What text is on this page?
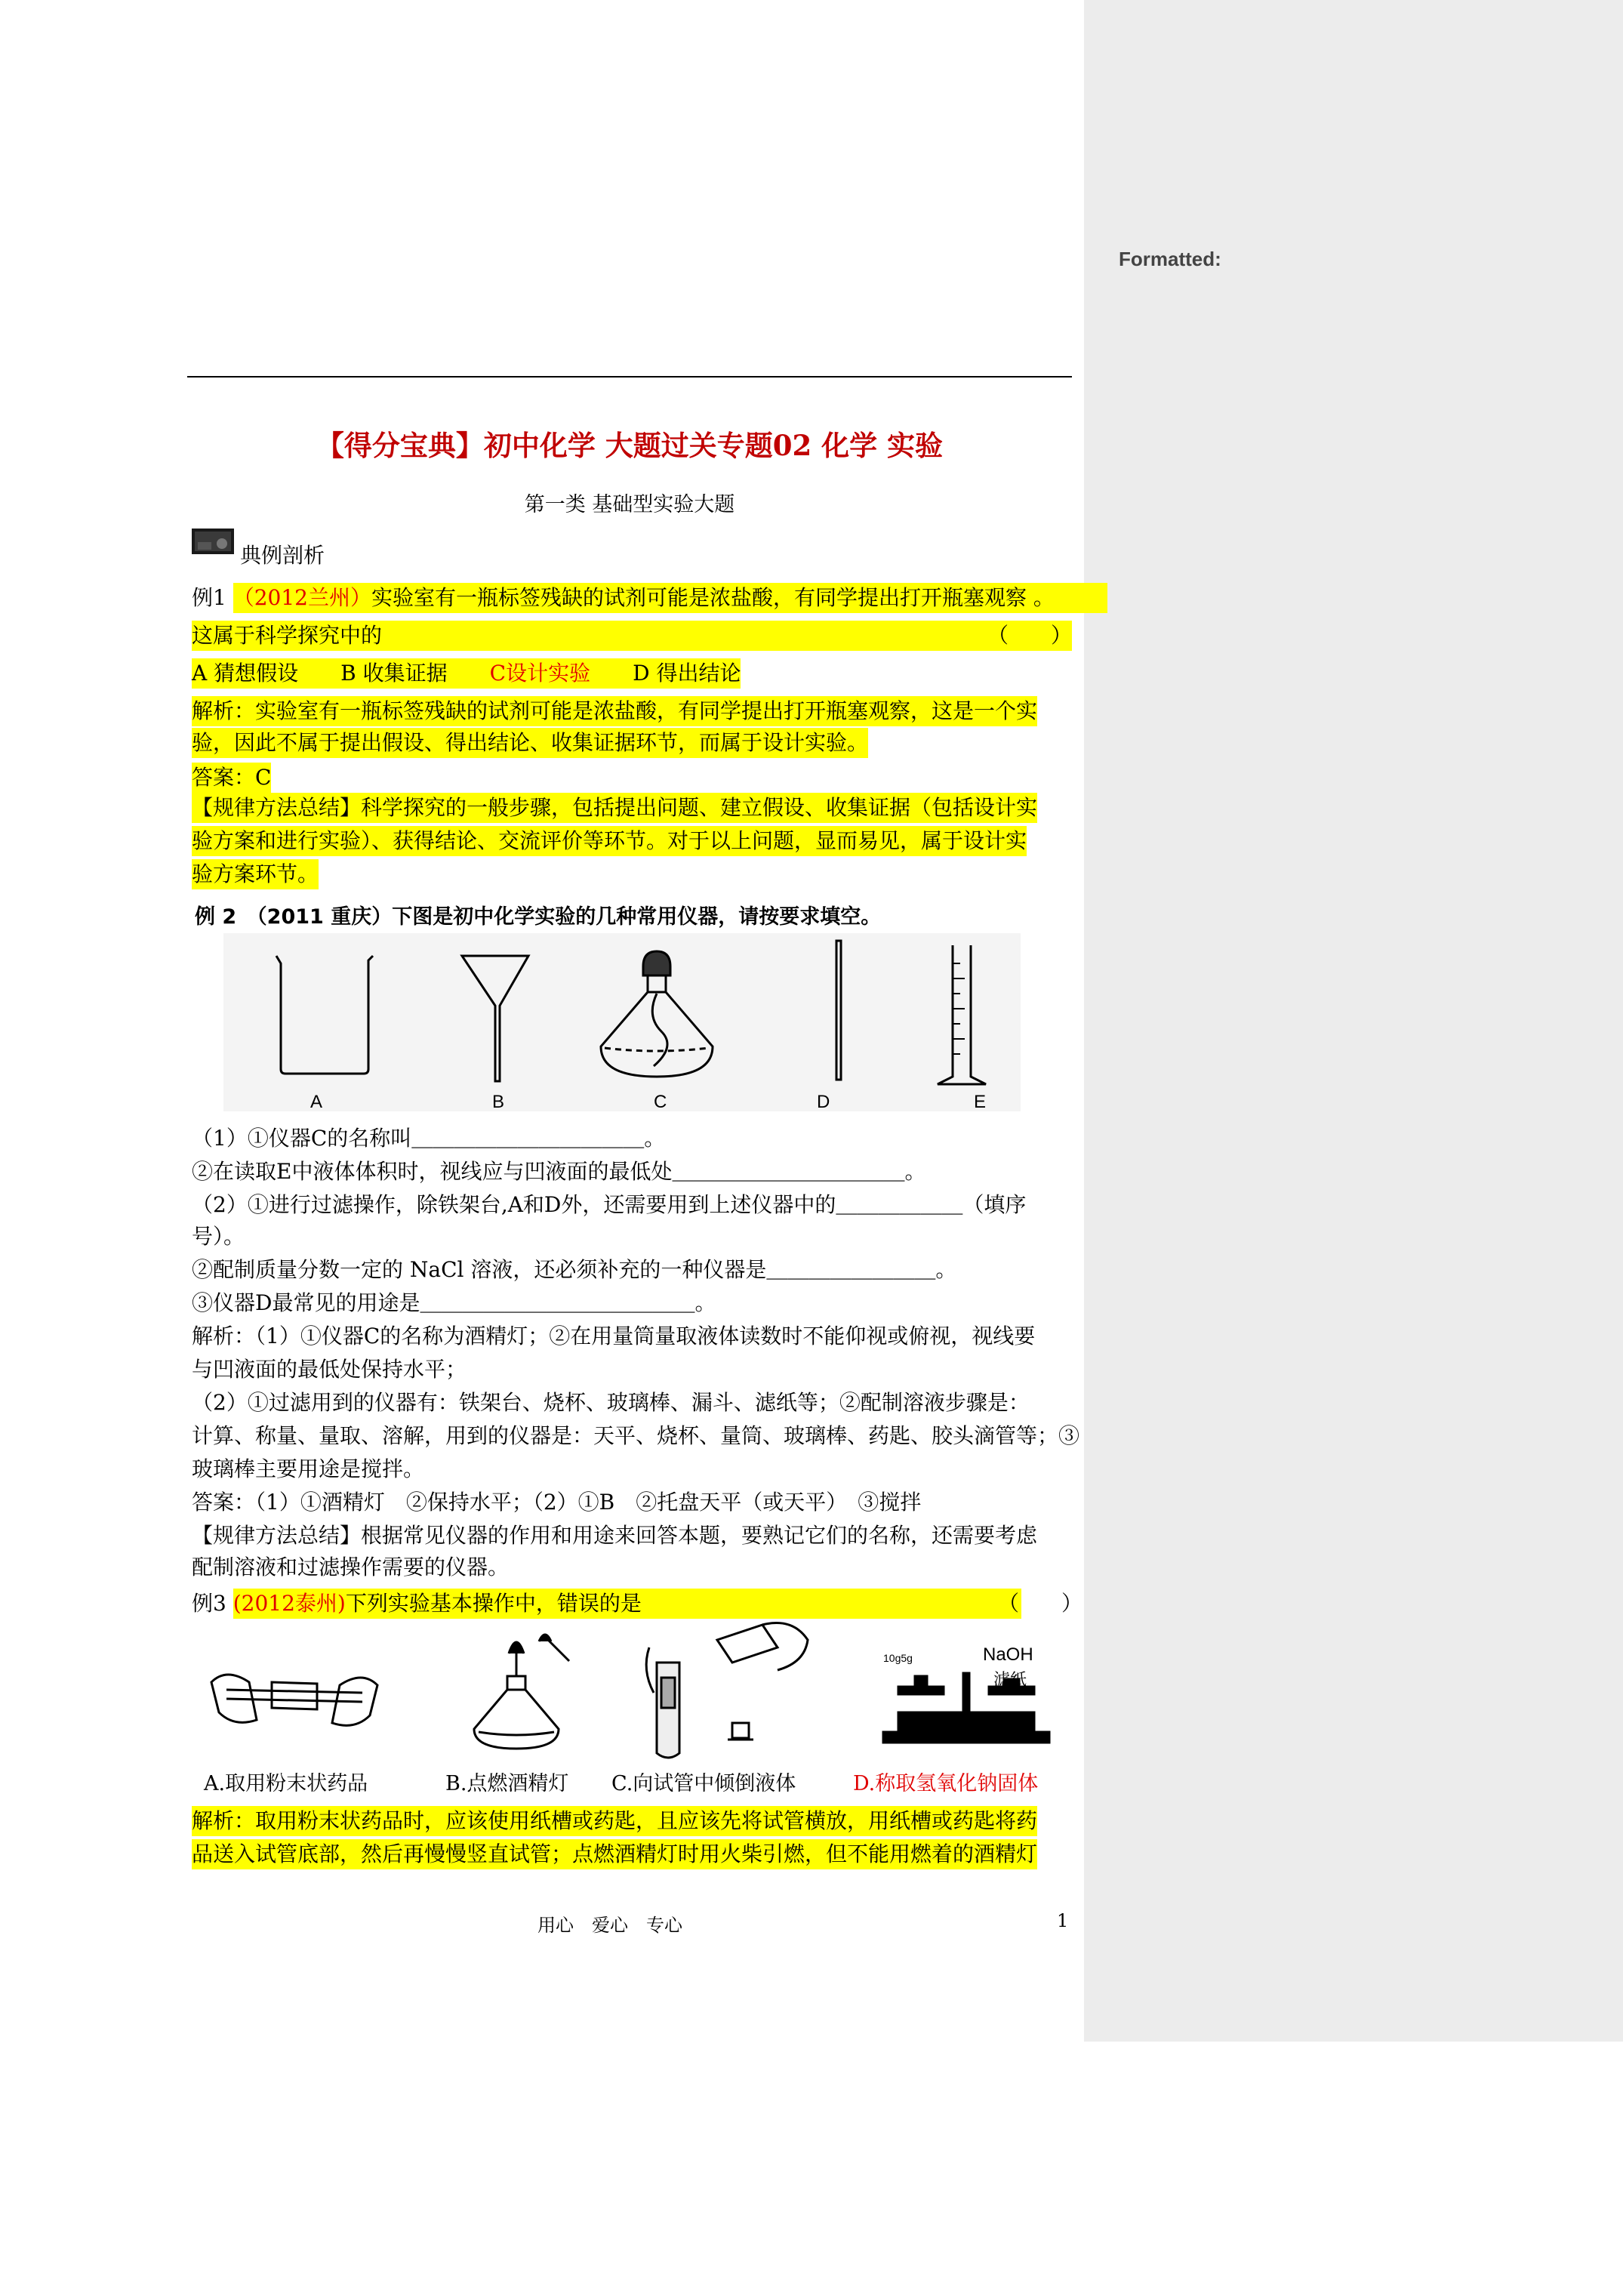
Formatted:
【得分宝典】初中化学 大题过关专题02 化学 实验
第一类 基础型实验大题
典例剖析
例1 （2012兰州）实验室有一瓶标签残缺的试剂可能是浓盐酸，有同学提出打开瓶塞观察 。
这属于科学探究中的	（　　）
A 猜想假设　　 B 收集证据　　 C设计实验　　 D 得出结论
解析：实验室有一瓶标签残缺的试剂可能是浓盐酸，有同学提出打开瓶塞观察，这是一个实
验，因此不属于提出假设、得出结论、收集证据环节，而属于设计实验。
答案：C
【规律方法总结】科学探究的一般步骤，包括提出问题、建立假设、收集证据（包括设计实
验方案和进行实验）、获得结论、交流评价等环节。对于以上问题，显而易见，属于设计实
验方案环节。
例 2　（2011 重庆）下图是初中化学实验的几种常用仪器，请按要求填空。
A	B	C	D	E
（1）①仪器C的名称叫＿＿＿＿＿＿＿＿＿＿＿。
②在读取E中液体体积时，视线应与凹液面的最低处＿＿＿＿＿＿＿＿＿＿＿。
（2）①进行过滤操作，除铁架台,A和D外，还需要用到上述仪器中的＿＿＿＿＿＿（填序
号）。
②配制质量分数一定的 NaCl 溶液，还必须补充的一种仪器是＿＿＿＿＿＿＿＿。
③仪器D最常见的用途是＿＿＿＿＿＿＿＿＿＿＿＿＿。
解析：（1）①仪器C的名称为酒精灯；②在用量筒量取液体读数时不能仰视或俯视，视线要
与凹液面的最低处保持水平；
（2）①过滤用到的仪器有：铁架台、烧杯、玻璃棒、漏斗、滤纸等；②配制溶液步骤是：
计算、称量、量取、溶解，用到的仪器是：天平、烧杯、量筒、玻璃棒、药匙、胶头滴管等；③
玻璃棒主要用途是搅拌。
答案：（1）①酒精灯　②保持水平；（2）①B　②托盘天平（或天平）　③搅拌
【规律方法总结】根据常见仪器的作用和用途来回答本题，要熟记它们的名称，还需要考虑
配制溶液和过滤操作需要的仪器。
例3 (2012泰州)下列实验基本操作中，错误的是	（　　）
10g5g	NaOH
滤纸
A.取用粉末状药品	B.点燃酒精灯 C.向试管中倾倒液体	D.称取氢氧化钠固体
解析：取用粉末状药品时，应该使用纸槽或药匙，且应该先将试管横放，用纸槽或药匙将药
品送入试管底部，然后再慢慢竖直试管；点燃酒精灯时用火柴引燃，但不能用燃着的酒精灯
用心　爱心　专心	1
